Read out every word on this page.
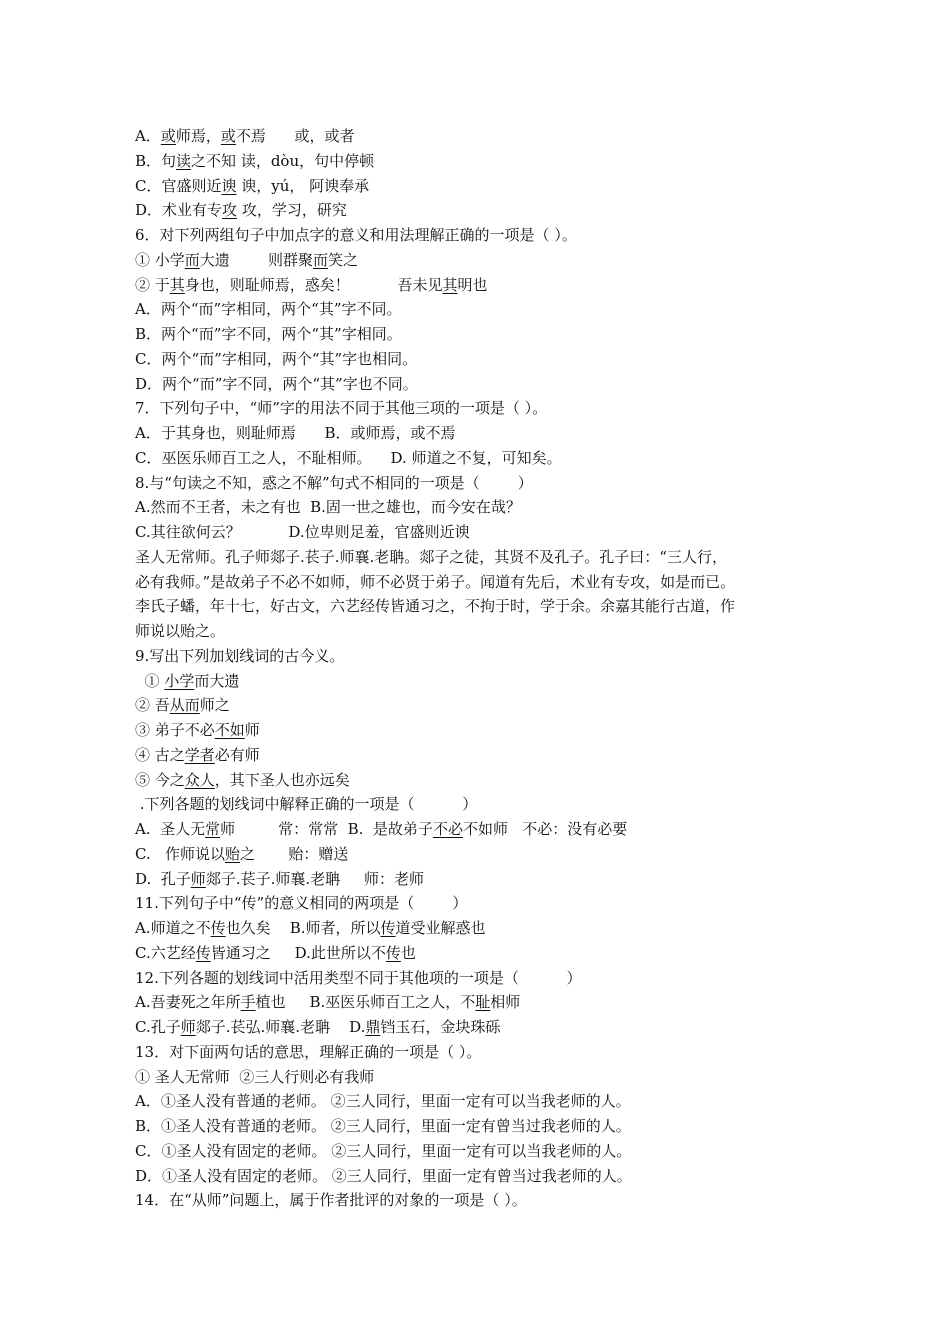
A．或师焉，或不焉      或，或者
B．句读之不知 读，dòu，句中停顿
C．官盛则近谀 谀，yú， 阿谀奉承
D．术业有专攻 攻，学习，研究
6．对下列两组句子中加点字的意义和用法理解正确的一项是（ ）。
① 小学而大遗        则群聚而笑之
② 于其身也，则耻师焉，惑矣！          吾未见其明也
A．两个“而”字相同，两个“其”字不同。
B．两个“而”字不同，两个“其”字相同。
C．两个“而”字相同，两个“其”字也相同。
D．两个“而”字不同，两个“其”字也不同。
7．下列句子中，“师”字的用法不同于其他三项的一项是（ ）。
A．于其身也，则耻师焉      B．或师焉，或不焉
C．巫医乐师百工之人，不耻相师。    D. 师道之不复，可知矣。
8.与“句读之不知，惑之不解”句式不相同的一项是（        ）
A.然而不王者，未之有也  B.固一世之雄也，而今安在哉？
C.其往欲何云？          D.位卑则足羞，官盛则近谀
圣人无常师。孔子师郯子.苌子.师襄.老聃。郯子之徒，其贤不及孔子。孔子曰：“三人行，
必有我师。”是故弟子不必不如师，师不必贤于弟子。闻道有先后，术业有专攻，如是而已。
李氏子蟠，年十七，好古文，六艺经传皆通习之，不拘于时，学于余。余嘉其能行古道，作
师说以贻之。
9.写出下列加划线词的古今义。
① 小学而大遗
② 吾从而师之
③ 弟子不必不如师
④ 古之学者必有师
⑤ 今之众人，其下圣人也亦远矣
.下列各题的划线词中解释正确的一项是（          ）
A.  圣人无常师         常：常常  B.  是故弟子不必不如师   不必：没有必要
C.   作师说以贻之       贻：赠送
D.  孔子师郯子.苌子.师襄.老聃     师：老师
11.下列句子中“传”的意义相同的两项是（        ）
A.师道之不传也久矣    B.师者，所以传道受业解惑也
C.六艺经传皆通习之     D.此世所以不传也
12.下列各题的划线词中活用类型不同于其他项的一项是（          ）
A.吾妻死之年所手植也     B.巫医乐师百工之人，不耻相师
C.孔子师郯子.苌弘.师襄.老聃    D.鼎铛玉石，金块珠砾
13．对下面两句话的意思，理解正确的一项是（ ）。
① 圣人无常师  ②三人行则必有我师
A．①圣人没有普通的老师。 ②三人同行，里面一定有可以当我老师的人。
B．①圣人没有普通的老师。 ②三人同行，里面一定有曾当过我老师的人。
C．①圣人没有固定的老师。 ②三人同行，里面一定有可以当我老师的人。
D．①圣人没有固定的老师。 ②三人同行，里面一定有曾当过我老师的人。
14．在“从师”问题上，属于作者批评的对象的一项是（ ）。
